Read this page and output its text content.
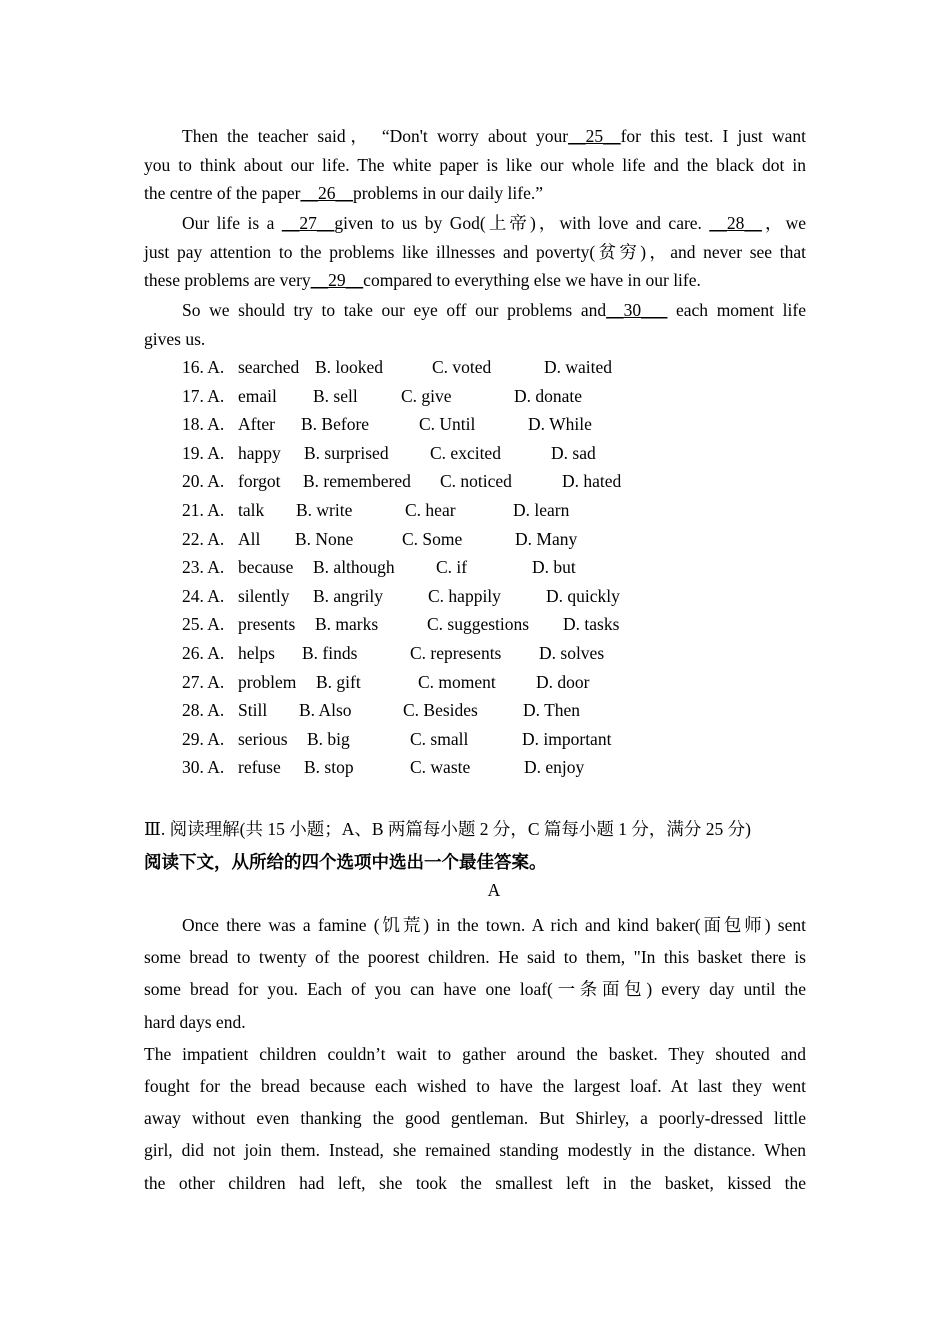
Then the teacher said， “Don't worry about your__25__for this test. I just want
you to think about our life. The white paper is like our whole life and the black dot in
the centre of the paper__26__problems in our daily life.”
Our life is a __27__given to us by God(上帝)，with love and care. __28__，we
just pay attention to the problems like illnesses and poverty(贫穷)，and never see that
these problems are very__29__compared to everything else we have in our life.
So we should try to take our eye off our problems and__30___ each moment life
gives us.
16. A. searched B. looked	C. voted	D. waited
17. A. email B. sell C. give	D. donate
18. A. After B. Before	C. Until	D. While
19. A. happy B. surprised C. excited	D. sad
20. A. forgot B. remembered C. noticed	D. hated
21. A. talk B. write	C. hear	D. learn
22. A. All B. None	C. Some	D. Many
23. A. because B. although C. if	D. but
24. A. silently B. angrily	C. happily	D. quickly
25. A. presents B. marks	C. suggestions D. tasks
26. A. helps B. finds	C. represents D. solves
27. A. problem B. gift	C. moment D. door
28. A. Still B. Also	C. Besides	D. Then
29. A. serious B. big	C. small	D. important
30. A. refuse B. stop	C. waste	D. enjoy
Ⅲ. 阅读理解(共 15 小题；A、B 两篇每小题 2 分，C 篇每小题 1 分，满分 25 分)
阅读下文，从所给的四个选项中选出一个最佳答案。
A
Once there was a famine (饥荒) in the town. A rich and kind baker(面包师) sent
some bread to twenty of the poorest children. He said to them, "In this basket there is
some bread for you. Each of you can have one loaf(一条面包) every day until the
hard days end.
The impatient children couldn’t wait to gather around the basket. They shouted and
fought for the bread because each wished to have the largest loaf. At last they went
away without even thanking the good gentleman. But Shirley, a poorly-dressed little
girl, did not join them. Instead, she remained standing modestly in the distance. When
the other children had left, she took the smallest left in the basket, kissed the
